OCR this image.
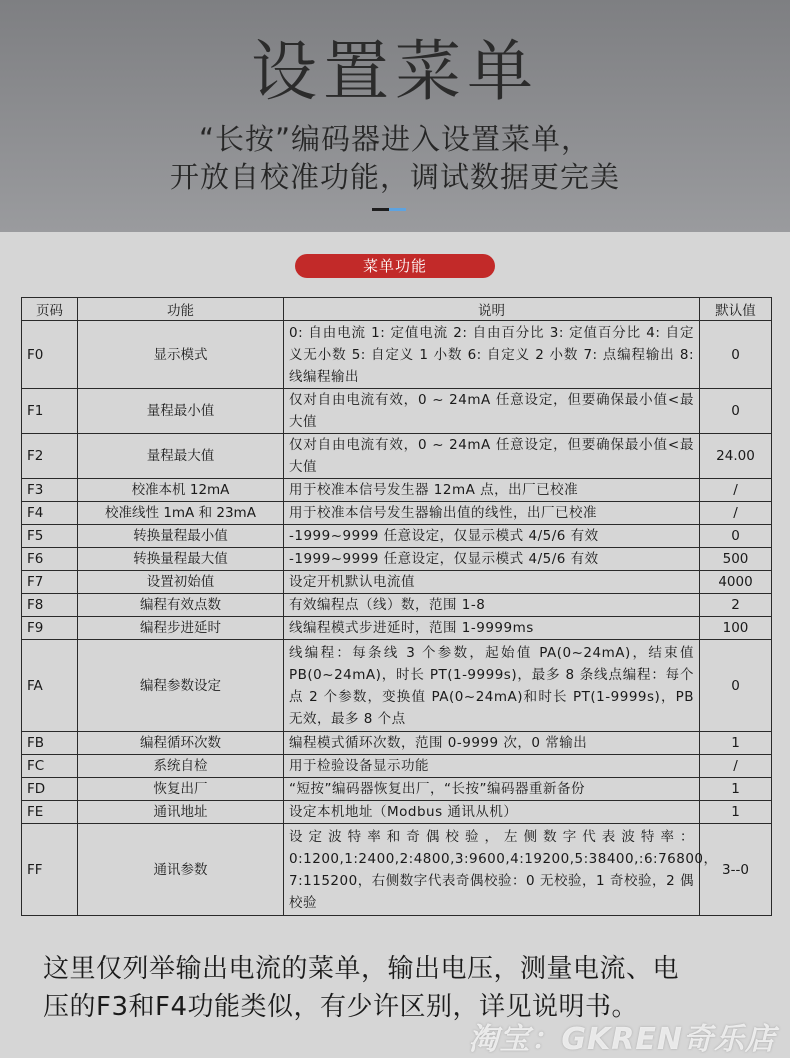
设置菜单
“长按”编码器进入设置菜单，
开放自校准功能，调试数据更完美
菜单功能
页码	功能	说明	默认值
F0	显示模式	0: 自由电流 1: 定值电流 2: 自由百分比 3: 定值百分比 4: 自定义无小数 5: 自定义 1 小数 6: 自定义 2 小数 7: 点编程输出 8: 线编程输出	0
F1	量程最小值	仅对自由电流有效，0 ~ 24mA 任意设定，但要确保最小值<最大值	0
F2	量程最大值	仅对自由电流有效，0 ~ 24mA 任意设定，但要确保最小值<最大值	24.00
F3	校准本机 12mA	用于校准本信号发生器 12mA 点，出厂已校准	/
F4	校准线性 1mA 和 23mA	用于校准本信号发生器输出值的线性，出厂已校准	/
F5	转换量程最小值	-1999~9999 任意设定，仅显示模式 4/5/6 有效	0
F6	转换量程最大值	-1999~9999 任意设定，仅显示模式 4/5/6 有效	500
F7	设置初始值	设定开机默认电流值	4000
F8	编程有效点数	有效编程点（线）数，范围 1-8	2
F9	编程步进延时	线编程模式步进延时，范围 1-9999ms	100
FA	编程参数设定	线编程：每条线 3 个参数，起始值 PA(0~24mA)，结束值 PB(0~24mA)，时长 PT(1-9999s)，最多 8 条线点编程：每个点 2 个参数，变换值 PA(0~24mA)和时长 PT(1-9999s)，PB 无效，最多 8 个点	0
FB	编程循环次数	编程模式循环次数，范围 0-9999 次，0 常输出	1
FC	系统自检	用于检验设备显示功能	/
FD	恢复出厂	“短按”编码器恢复出厂，“长按”编码器重新备份	1
FE	通讯地址	设定本机地址（Modbus 通讯从机）	1
FF	通讯参数	设定波特率和奇偶校验，左侧数字代表波特率：0:1200,1:2400,2:4800,3:9600,4:19200,5:38400,:6:76800，7:115200，右侧数字代表奇偶校验：0 无校验，1 奇校验，2 偶校验	3--0
这里仅列举输出电流的菜单，输出电压，测量电流、电
压的F3和F4功能类似，有少许区别，详见说明书。
淘宝：GKREN奇乐店
